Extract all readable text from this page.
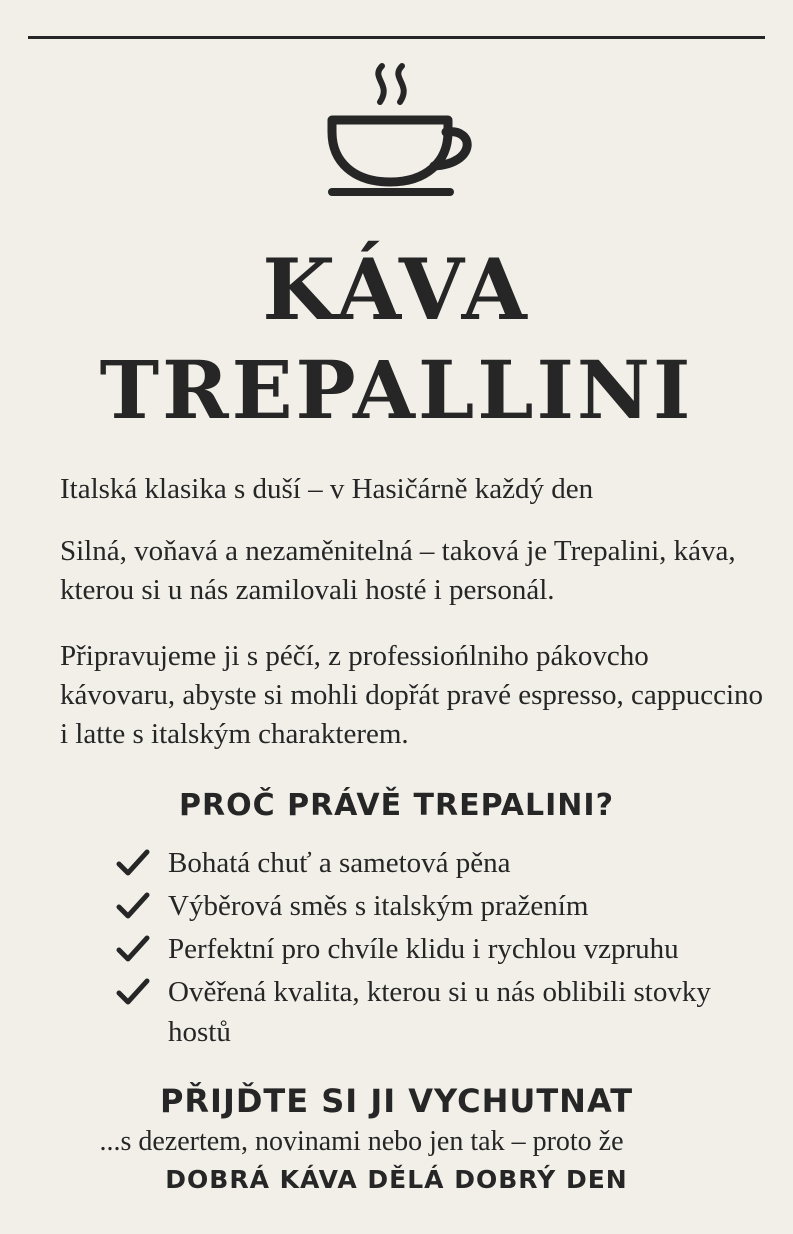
KÁVA
TREPALLINI

Italská klasika s duší – v Hasičárně každý den

Silná, voňavá a nezaměnitelná – taková je Trepalini, káva, kterou si u nás zamilovali hosté i personál.

Připravujeme ji s péčí, z professiońlniho pákovcho kávovaru, abyste si mohli dopřát pravé espresso, cappuccino i latte s italským charakterem.

PROČ PRÁVĚ TREPALINI?
Bohatá chuť a sametová pěna
Výběrová směs s italským pražením
Perfektní pro chvíle klidu i rychlou vzpruhu
Ověřená kvalita, kterou si u nás oblibili stovky hostů
PŘIJĎTE SI JI VYCHUTNAT

...s dezertem, novinami nebo jen tak – proto že

DOBRÁ KÁVA DĚLÁ DOBRÝ DEN
